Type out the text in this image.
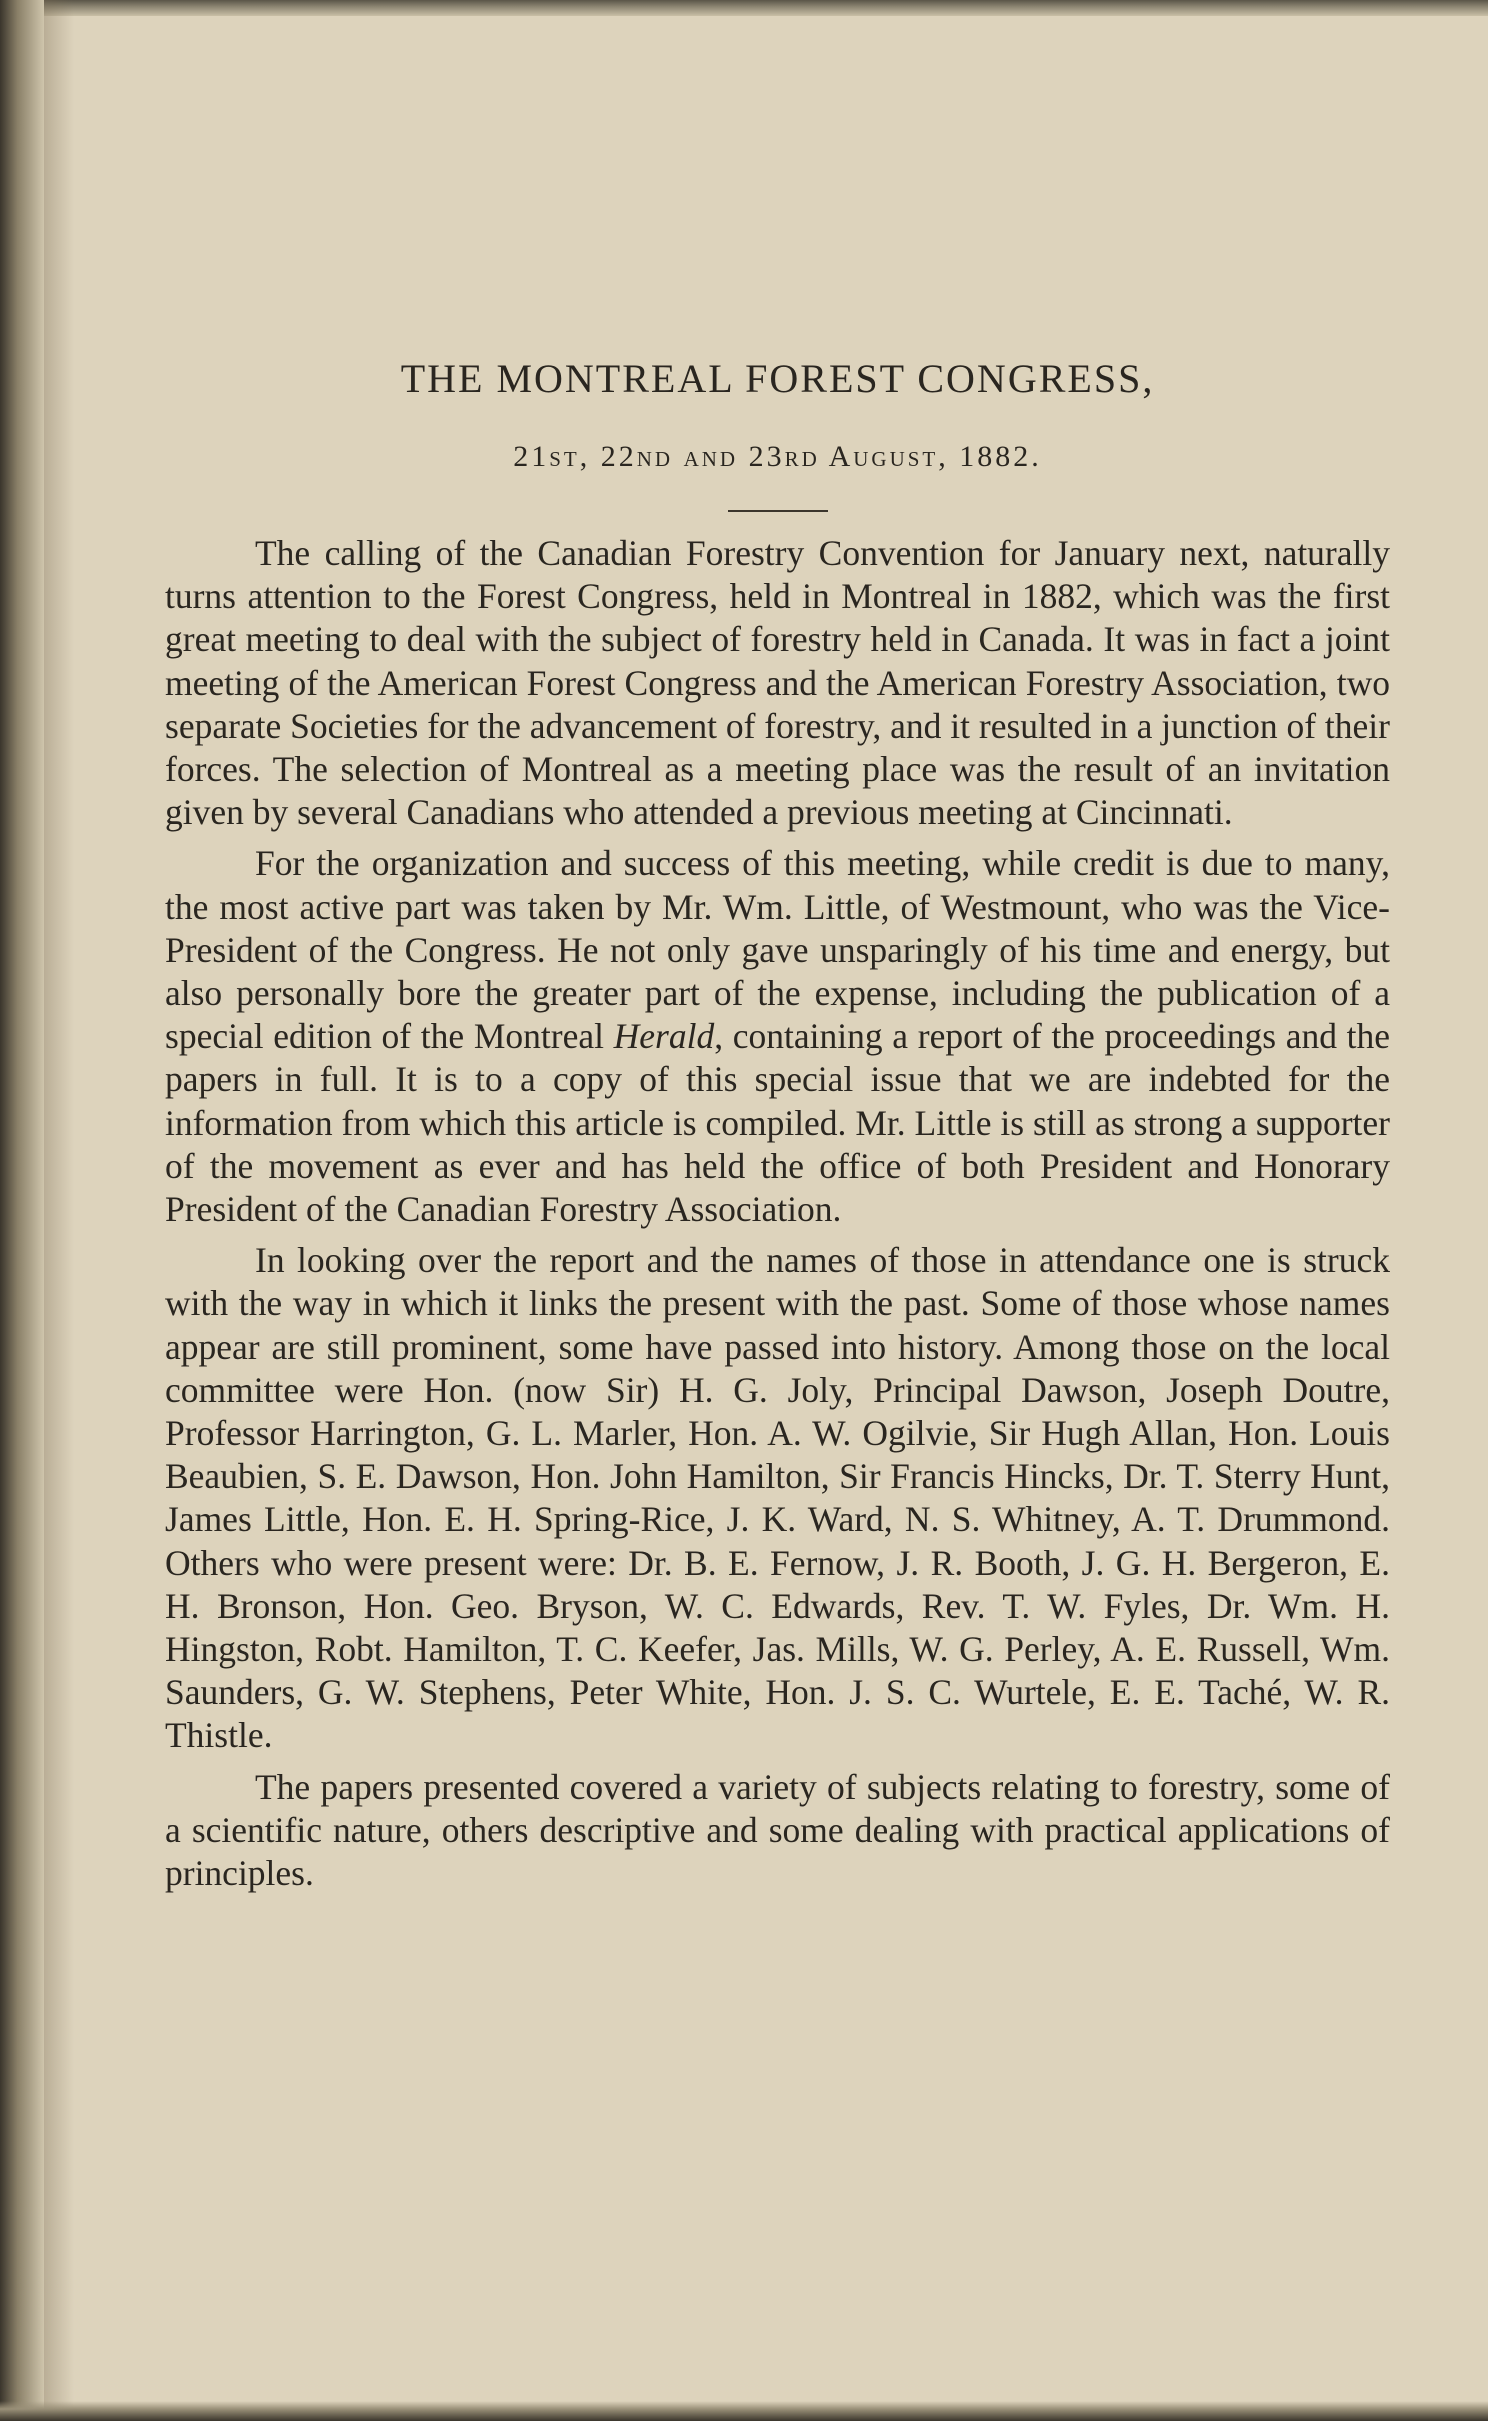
THE MONTREAL FOREST CONGRESS,
21st, 22nd and 23rd August, 1882.

The calling of the Canadian Forestry Convention for January next, naturally turns attention to the Forest Congress, held in Montreal in 1882, which was the first great meeting to deal with the subject of forestry held in Canada. It was in fact a joint meeting of the American Forest Congress and the American Forestry Association, two separate Societies for the advancement of forestry, and it resulted in a junction of their forces. The selection of Montreal as a meeting place was the result of an invitation given by several Canadians who attended a previous meeting at Cincinnati.

For the organization and success of this meeting, while credit is due to many, the most active part was taken by Mr. Wm. Little, of Westmount, who was the Vice-President of the Congress. He not only gave unsparingly of his time and energy, but also personally bore the greater part of the expense, including the publication of a special edition of the Montreal Herald, containing a report of the proceedings and the papers in full. It is to a copy of this special issue that we are indebted for the information from which this article is compiled. Mr. Little is still as strong a supporter of the movement as ever and has held the office of both President and Honorary President of the Canadian Forestry Association.

In looking over the report and the names of those in attendance one is struck with the way in which it links the present with the past. Some of those whose names appear are still prominent, some have passed into history. Among those on the local committee were Hon. (now Sir) H. G. Joly, Principal Dawson, Joseph Doutre, Professor Harrington, G. L. Marler, Hon. A. W. Ogilvie, Sir Hugh Allan, Hon. Louis Beaubien, S. E. Dawson, Hon. John Hamilton, Sir Francis Hincks, Dr. T. Sterry Hunt, James Little, Hon. E. H. Spring-Rice, J. K. Ward, N. S. Whitney, A. T. Drummond. Others who were present were: Dr. B. E. Fernow, J. R. Booth, J. G. H. Bergeron, E. H. Bronson, Hon. Geo. Bryson, W. C. Edwards, Rev. T. W. Fyles, Dr. Wm. H. Hingston, Robt. Hamilton, T. C. Keefer, Jas. Mills, W. G. Perley, A. E. Russell, Wm. Saunders, G. W. Stephens, Peter White, Hon. J. S. C. Wurtele, E. E. Taché, W. R. Thistle.

The papers presented covered a variety of subjects relating to forestry, some of a scientific nature, others descriptive and some dealing with practical applications of principles.
